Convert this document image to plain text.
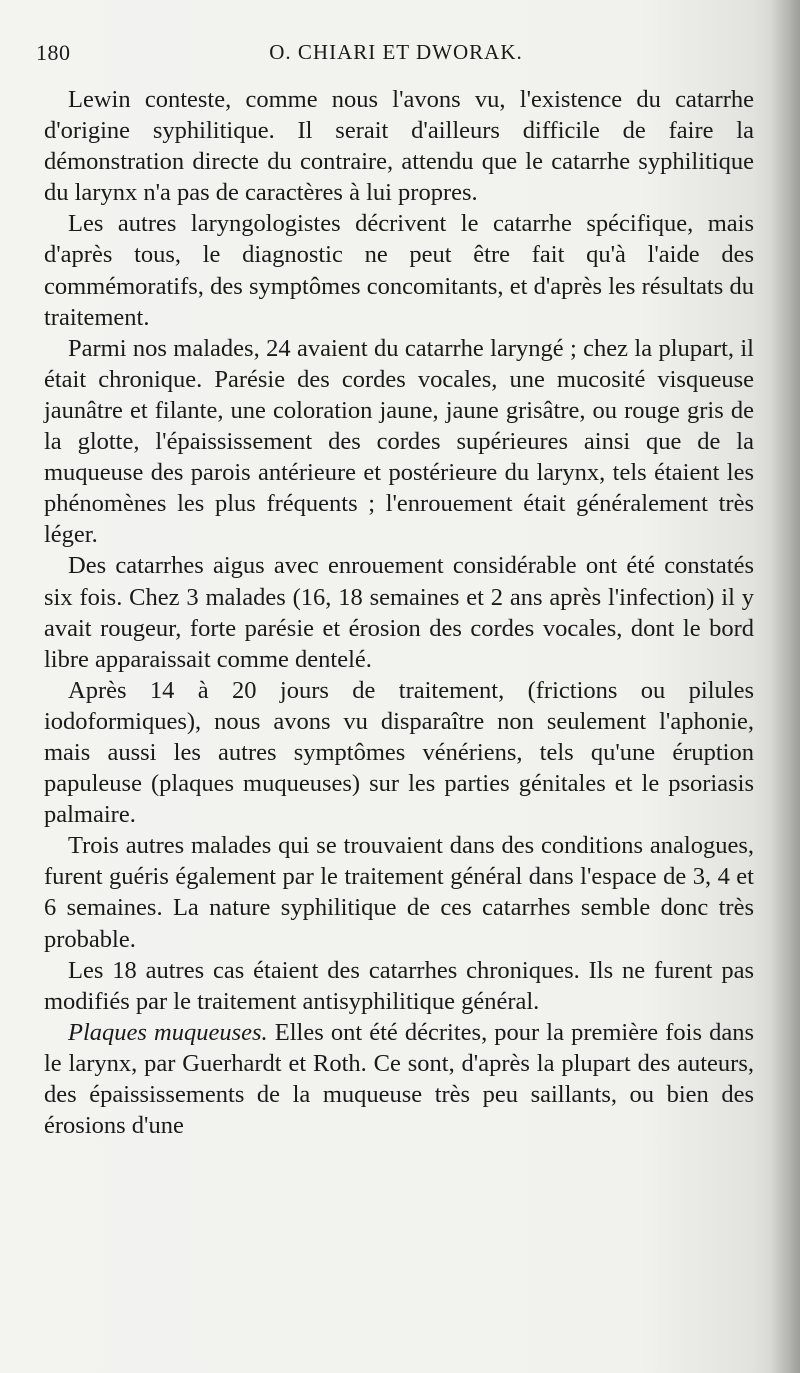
180	O. CHIARI ET DWORAK.

Lewin conteste, comme nous l'avons vu, l'existence du catarrhe d'origine syphilitique. Il serait d'ailleurs difficile de faire la démonstration directe du contraire, attendu que le catarrhe syphilitique du larynx n'a pas de caractères à lui propres.

Les autres laryngologistes décrivent le catarrhe spécifique, mais d'après tous, le diagnostic ne peut être fait qu'à l'aide des commémoratifs, des symptômes concomitants, et d'après les résultats du traitement.

Parmi nos malades, 24 avaient du catarrhe laryngé ; chez la plupart, il était chronique. Parésie des cordes vocales, une mucosité visqueuse jaunâtre et filante, une coloration jaune, jaune grisâtre, ou rouge gris de la glotte, l'épaississement des cordes supérieures ainsi que de la muqueuse des parois antérieure et postérieure du larynx, tels étaient les phénomènes les plus fréquents ; l'enrouement était généralement très léger.

Des catarrhes aigus avec enrouement considérable ont été constatés six fois. Chez 3 malades (16, 18 semaines et 2 ans après l'infection) il y avait rougeur, forte parésie et érosion des cordes vocales, dont le bord libre apparaissait comme dentelé.

Après 14 à 20 jours de traitement, (frictions ou pilules iodoformiques), nous avons vu disparaître non seulement l'aphonie, mais aussi les autres symptômes vénériens, tels qu'une éruption papuleuse (plaques muqueuses) sur les parties génitales et le psoriasis palmaire.

Trois autres malades qui se trouvaient dans des conditions analogues, furent guéris également par le traitement général dans l'espace de 3, 4 et 6 semaines. La nature syphilitique de ces catarrhes semble donc très probable.

Les 18 autres cas étaient des catarrhes chroniques. Ils ne furent pas modifiés par le traitement antisyphilitique général.

Plaques muqueuses. Elles ont été décrites, pour la première fois dans le larynx, par Guerhardt et Roth. Ce sont, d'après la plupart des auteurs, des épaississements de la muqueuse très peu saillants, ou bien des érosions d'une
